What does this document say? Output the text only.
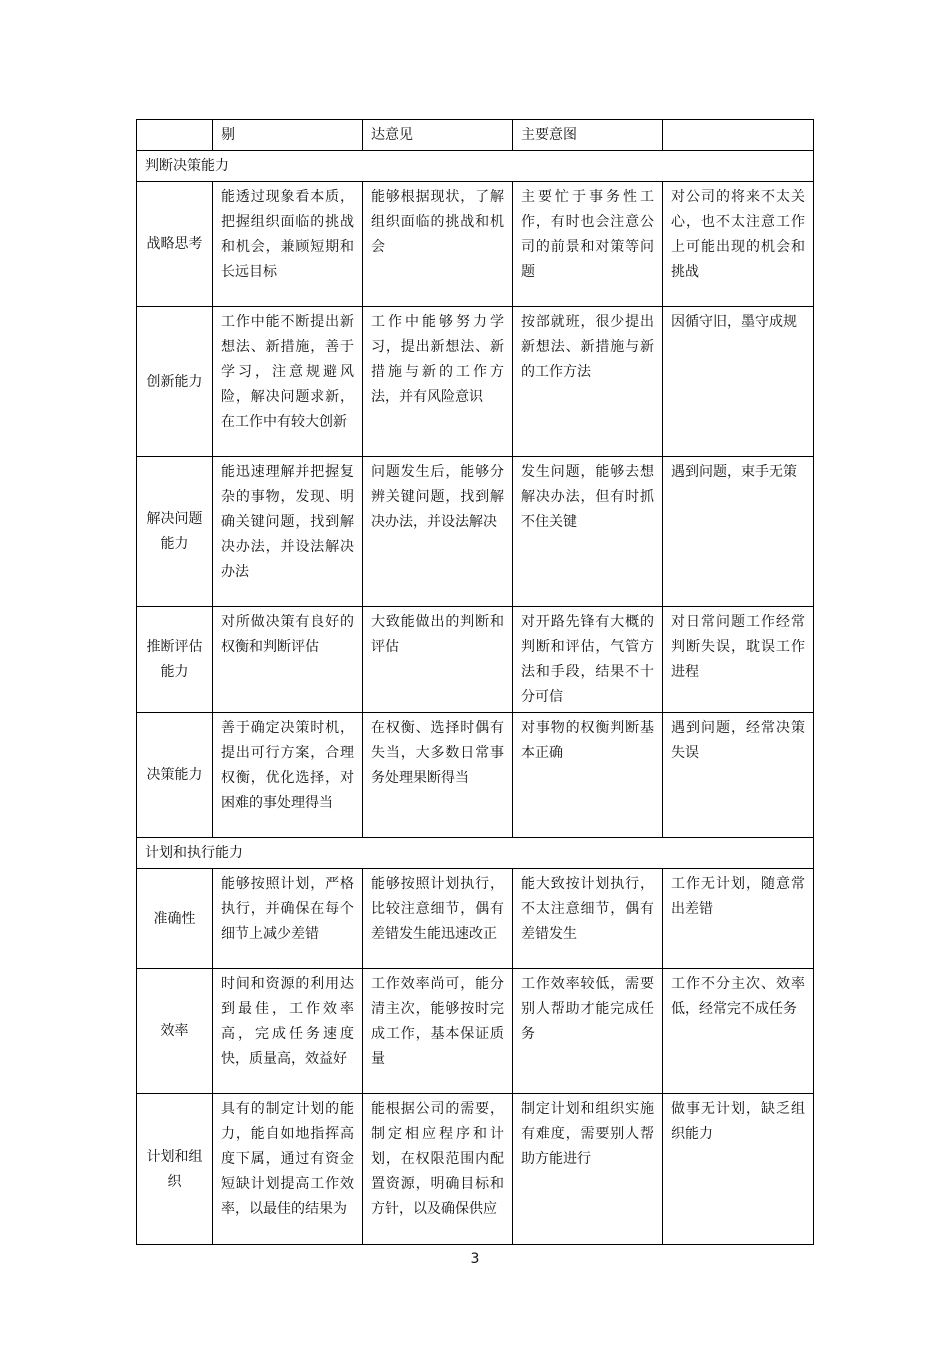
	剔	达意见	主要意图	
判断决策能力				
战略思考	能透过现象看本质，把握组织面临的挑战和机会，兼顾短期和长远目标	能够根据现状，了解组织面临的挑战和机会	主要忙于事务性工作，有时也会注意公司的前景和对策等问题	对公司的将来不太关心，也不太注意工作上可能出现的机会和挑战
创新能力	工作中能不断提出新想法、新措施，善于学习，注意规避风险，解决问题求新，在工作中有较大创新	工作中能够努力学习，提出新想法、新措施与新的工作方法，并有风险意识	按部就班，很少提出新想法、新措施与新的工作方法	因循守旧，墨守成规
解决问题能力	能迅速理解并把握复杂的事物，发现、明确关键问题，找到解决办法，并设法解决办法	问题发生后，能够分辨关键问题，找到解决办法，并设法解决	发生问题，能够去想解决办法，但有时抓不住关键	遇到问题，束手无策
推断评估能力	对所做决策有良好的权衡和判断评估	大致能做出的判断和评估	对开路先锋有大概的判断和评估，气管方法和手段，结果不十分可信	对日常问题工作经常判断失误，耽误工作进程
决策能力	善于确定决策时机，提出可行方案，合理权衡，优化选择，对困难的事处理得当	在权衡、选择时偶有失当，大多数日常事务处理果断得当	对事物的权衡判断基本正确	遇到问题，经常决策失误
计划和执行能力				
准确性	能够按照计划，严格执行，并确保在每个细节上减少差错	能够按照计划执行，比较注意细节，偶有差错发生能迅速改正	能大致按计划执行，不太注意细节，偶有差错发生	工作无计划，随意常出差错
效率	时间和资源的利用达到最佳，工作效率高，完成任务速度快，质量高，效益好	工作效率尚可，能分清主次，能够按时完成工作，基本保证质量	工作效率较低，需要别人帮助才能完成任务	工作不分主次、效率低，经常完不成任务
计划和组织	具有的制定计划的能力，能自如地指挥高度下属，通过有资金短缺计划提高工作效率，以最佳的结果为	能根据公司的需要，制定相应程序和计划，在权限范围内配置资源，明确目标和方针，以及确保供应	制定计划和组织实施有难度，需要别人帮助方能进行	做事无计划，缺乏组织能力
3
